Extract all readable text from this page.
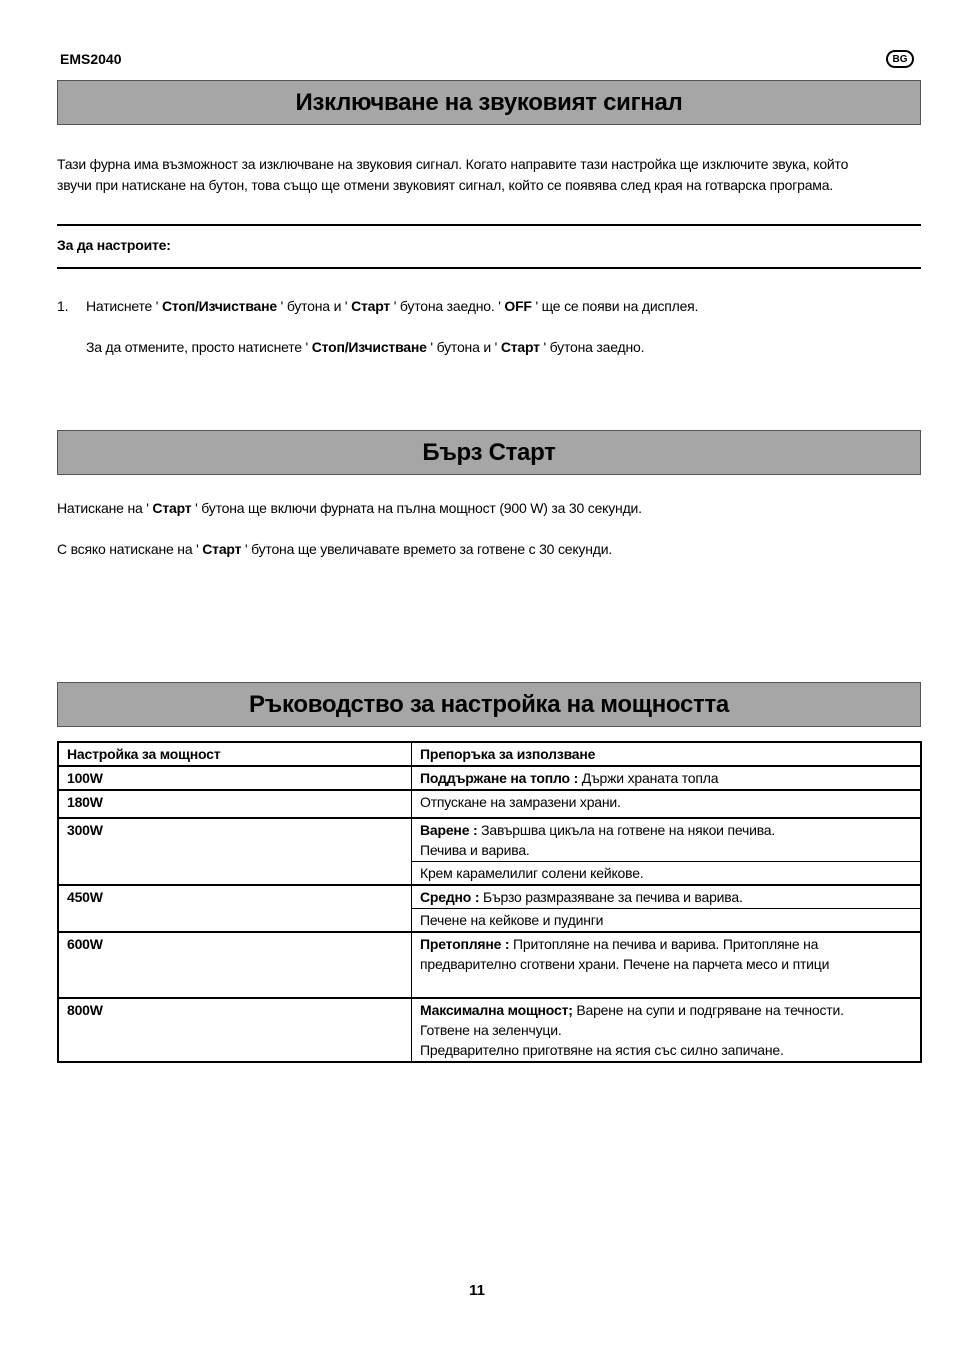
EMS2040	BG
Изключване на звуковият сигнал
Тази фурна има възможност за изключване на звуковия сигнал. Когато направите тази настройка ще изключите звука, който
звучи при натискане на бутон, това също ще отмени звуковият сигнал, който се появява след края на готварска програма.
За да настроите:
1. Натиснете ' Стоп/Изчистване ' бутона и ' Старт ' бутона заедно. ' OFF ' ще се появи на дисплея.
За да отмените, просто натиснете ' Стоп/Изчистване ' бутона и ' Старт ' бутона заедно.
Бърз Старт
Натискане на ' Старт ' бутона ще включи фурната на пълна мощност (900 W) за 30 секунди.
С всяко натискане на ' Старт ' бутона ще увеличавате времето за готвене с 30 секунди.
Ръководство за настройка на мощността
Настройка за мощност	Препоръка за използване
100W	Поддържане на топло : Държи храната топла
180W	Отпускане на замразени храни.
300W	Варене : Завършва цикъла на готвене на някои печива.
Печива и варива.
	Крем карамелилиг солени кейкове.
450W	Средно : Бързо размразяване за печива и варива.
	Печене на кейкове и пудинги
600W	Претопляне : Притопляне на печива и варива. Притопляне на
предварително сготвени храни. Печене на парчета месо и птици
800W	Максимална мощност; Варене на супи и подгряване на течности.
Готвене на зеленчуци.
Предварително приготвяне на ястия със силно запичане.
11
